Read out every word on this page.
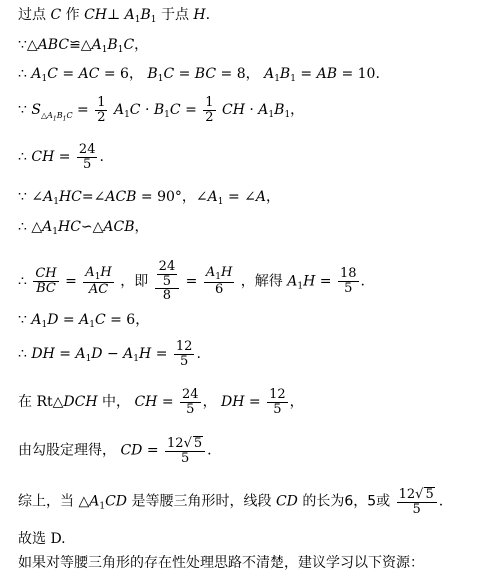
过点 C 作 CH⊥ $A_1B_1$ 于点 H.
$\because\triangle ABC≌\triangle A_1B_1C$，
∴ $A_1C$ = AC = 6， $B_1C$ = BC = 8， $A_1B_1$ = AB = 10.
∵ $S_{\triangle A_1B_1C} = \frac{1}{2} A_1C \cdot B_1C = \frac{1}{2}$ CH · $A_1B_1$，
∴ CH = $\frac{24}{5}$ .
∵ $\angle A_1HC=\angle ACB = 90^\circ$，$\angle A_1$ = ∠A，
∴ $\triangle A_1HC∽\triangle ACB$，
∴ $\frac{CH}{BC} = \frac{A_1H}{AC}$ ，即 $\frac{\frac{24}{5}}{8} = \frac{A_1H}{6}$ ，解得 $A_1H = \frac{18}{5}$ .
∵ $A_1D = A_1C = 6$，
∴ DH = $A_1D - A_1H = \frac{12}{5}$ .
在 Rt△DCH 中， CH = $\frac{24}{5}$ ， DH = $\frac{12}{5}$ ，
由勾股定理得， CD = $\frac{12√ 5}{5}$ .
综上，当 $\triangle A_1CD$ 是等腰三角形时，线段 CD 的长为6，5或 $\frac{12√ 5}{5}$ .
故选 D.
如果对等腰三角形的存在性处理思路不清楚，建议学习以下资源：
